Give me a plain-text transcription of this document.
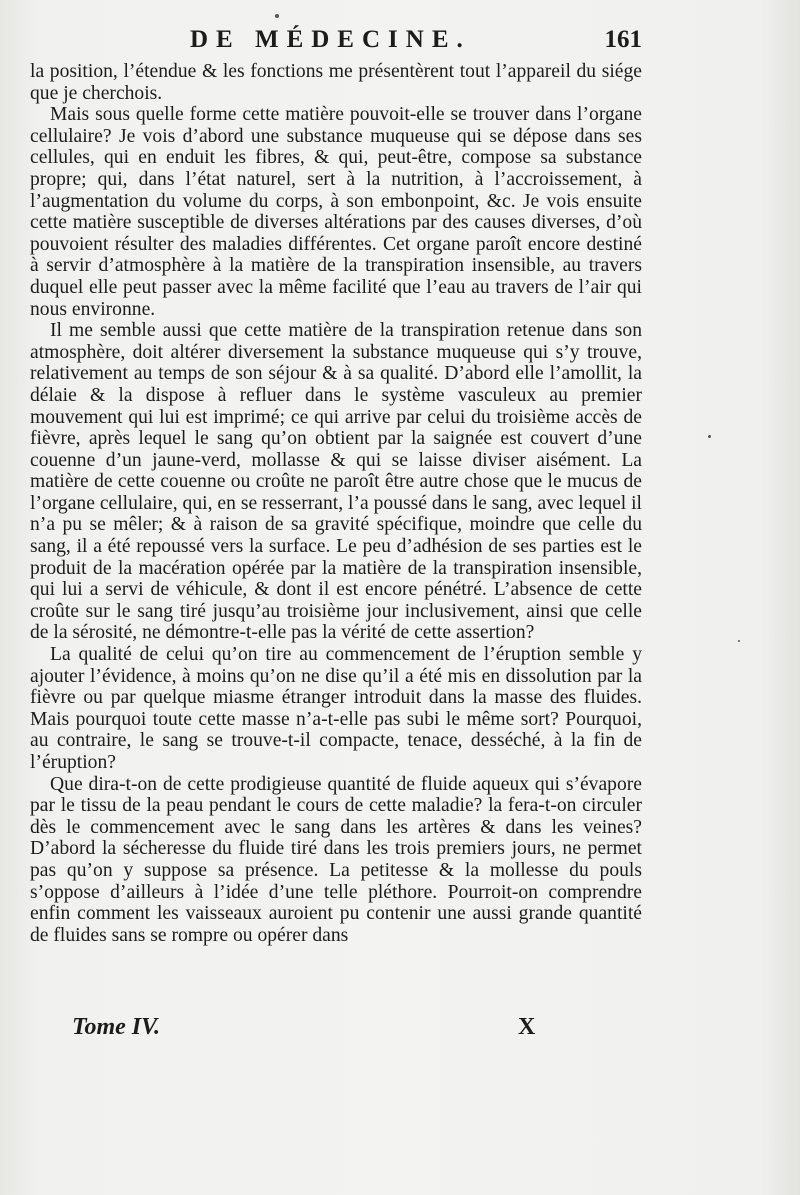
DE MÉDECINE.	161

la position, l’étendue & les fonctions me présentèrent tout l’appareil du siége que je cherchois.

Mais sous quelle forme cette matière pouvoit-elle se trouver dans l’organe cellulaire? Je vois d’abord une substance muqueuse qui se dépose dans ses cellules, qui en enduit les fibres, & qui, peut-être, compose sa substance propre; qui, dans l’état naturel, sert à la nutrition, à l’accroissement, à l’augmentation du volume du corps, à son embonpoint, &c. Je vois ensuite cette matière susceptible de diverses altérations par des causes diverses, d’où pouvoient résulter des maladies différentes. Cet organe paroît encore destiné à servir d’atmosphère à la matière de la transpiration insensible, au travers duquel elle peut passer avec la même facilité que l’eau au travers de l’air qui nous environne.

Il me semble aussi que cette matière de la transpiration retenue dans son atmosphère, doit altérer diversement la substance muqueuse qui s’y trouve, relativement au temps de son séjour & à sa qualité. D’abord elle l’amollit, la délaie & la dispose à refluer dans le système vasculeux au premier mouvement qui lui est imprimé; ce qui arrive par celui du troisième accès de fièvre, après lequel le sang qu’on obtient par la saignée est couvert d’une couenne d’un jaune-verd, mollasse & qui se laisse diviser aisément. La matière de cette couenne ou croûte ne paroît être autre chose que le mucus de l’organe cellulaire, qui, en se resserrant, l’a poussé dans le sang, avec lequel il n’a pu se mêler; & à raison de sa gravité spécifique, moindre que celle du sang, il a été repoussé vers la surface. Le peu d’adhésion de ses parties est le produit de la macération opérée par la matière de la transpiration insensible, qui lui a servi de véhicule, & dont il est encore pénétré. L’absence de cette croûte sur le sang tiré jusqu’au troisième jour inclusivement, ainsi que celle de la sérosité, ne démontre-t-elle pas la vérité de cette assertion?

La qualité de celui qu’on tire au commencement de l’éruption semble y ajouter l’évidence, à moins qu’on ne dise qu’il a été mis en dissolution par la fièvre ou par quelque miasme étranger introduit dans la masse des fluides. Mais pourquoi toute cette masse n’a-t-elle pas subi le même sort? Pourquoi, au contraire, le sang se trouve-t-il compacte, tenace, desséché, à la fin de l’éruption?

Que dira-t-on de cette prodigieuse quantité de fluide aqueux qui s’évapore par le tissu de la peau pendant le cours de cette maladie? la fera-t-on circuler dès le commencement avec le sang dans les artères & dans les veines? D’abord la sécheresse du fluide tiré dans les trois premiers jours, ne permet pas qu’on y suppose sa présence. La petitesse & la mollesse du pouls s’oppose d’ailleurs à l’idée d’une telle pléthore. Pourroit-on comprendre enfin comment les vaisseaux auroient pu contenir une aussi grande quantité de fluides sans se rompre ou opérer dans

Tome IV.	X
